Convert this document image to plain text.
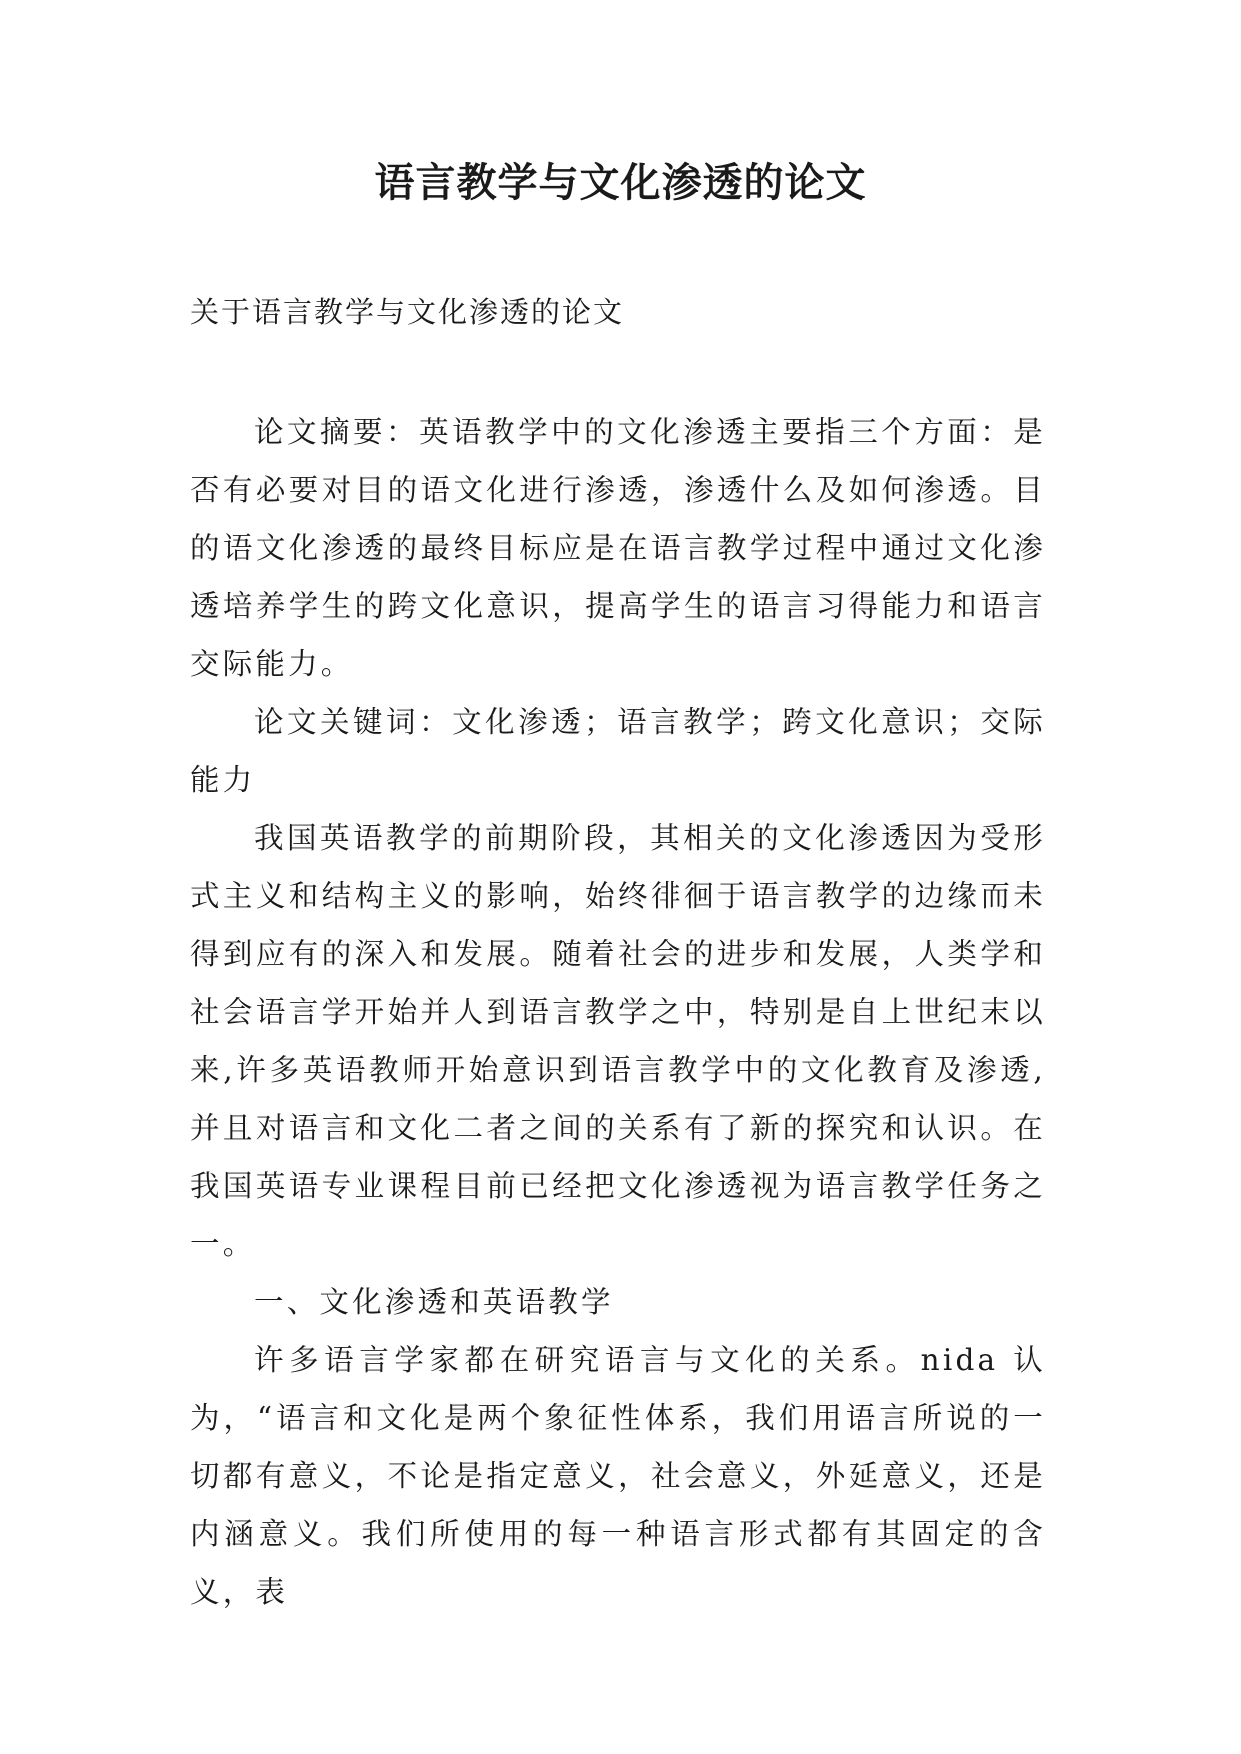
语言教学与文化渗透的论文

关于语言教学与文化渗透的论文

论文摘要：英语教学中的文化渗透主要指三个方面：是否有必要对目的语文化进行渗透，渗透什么及如何渗透。目的语文化渗透的最终目标应是在语言教学过程中通过文化渗透培养学生的跨文化意识，提高学生的语言习得能力和语言交际能力。

论文关键词：文化渗透；语言教学；跨文化意识；交际能力

我国英语教学的前期阶段，其相关的文化渗透因为受形式主义和结构主义的影响，始终徘徊于语言教学的边缘而未得到应有的深入和发展。随着社会的进步和发展，人类学和社会语言学开始并人到语言教学之中，特别是自上世纪末以来,许多英语教师开始意识到语言教学中的文化教育及渗透,并且对语言和文化二者之间的关系有了新的探究和认识。在我国英语专业课程目前已经把文化渗透视为语言教学任务之一。

一、文化渗透和英语教学

许多语言学家都在研究语言与文化的关系。nida 认为，“语言和文化是两个象征性体系，我们用语言所说的一切都有意义，不论是指定意义，社会意义，外延意义，还是内涵意义。我们所使用的每一种语言形式都有其固定的含义，表
